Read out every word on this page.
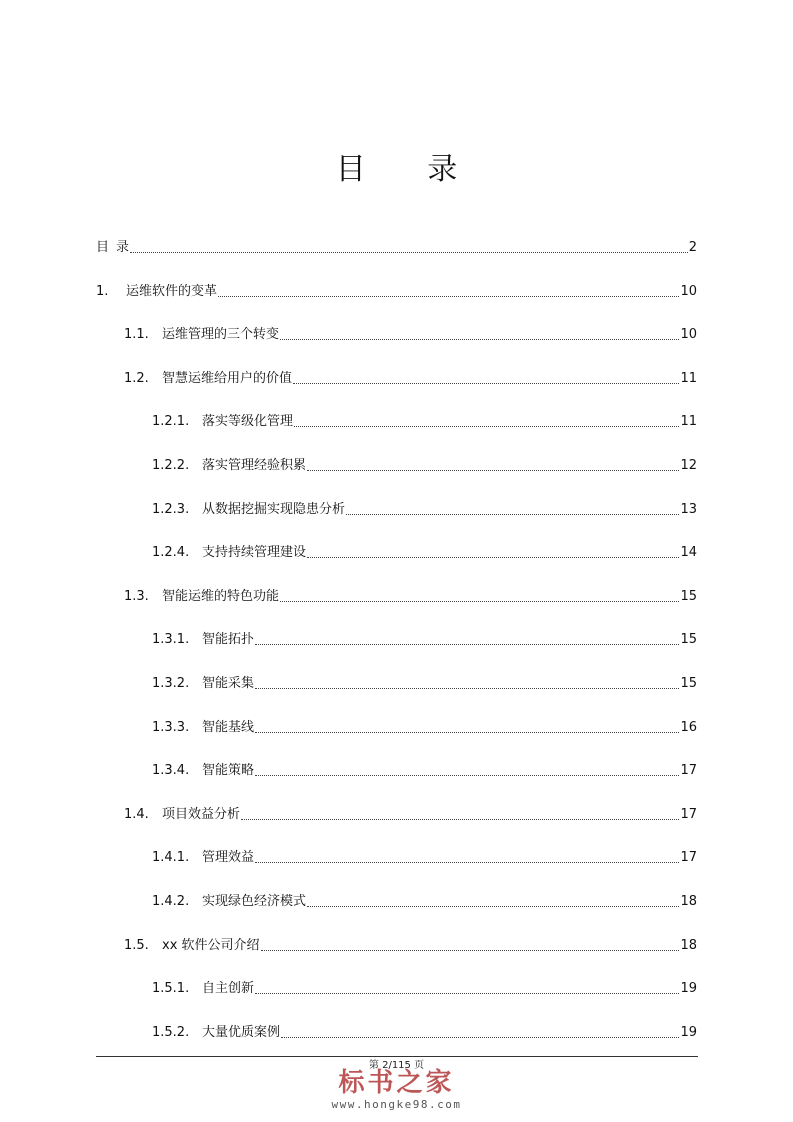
目 录
目 录	2
1.	运维软件的变革	10
1.1.	运维管理的三个转变	10
1.2.	智慧运维给用户的价值	11
1.2.1. 落实等级化管理	11
1.2.2. 落实管理经验积累	12
1.2.3. 从数据挖掘实现隐患分析	13
1.2.4. 支持持续管理建设	14
1.3.	智能运维的特色功能	15
1.3.1. 智能拓扑	15
1.3.2. 智能采集	15
1.3.3. 智能基线	16
1.3.4. 智能策略	17
1.4.	项目效益分析	17
1.4.1. 管理效益	17
1.4.2. 实现绿色经济模式	18
1.5.	xx 软件公司介绍	18
1.5.1. 自主创新	19
1.5.2. 大量优质案例	19
第 2/115 页
标书之家
www.hongke98.com
